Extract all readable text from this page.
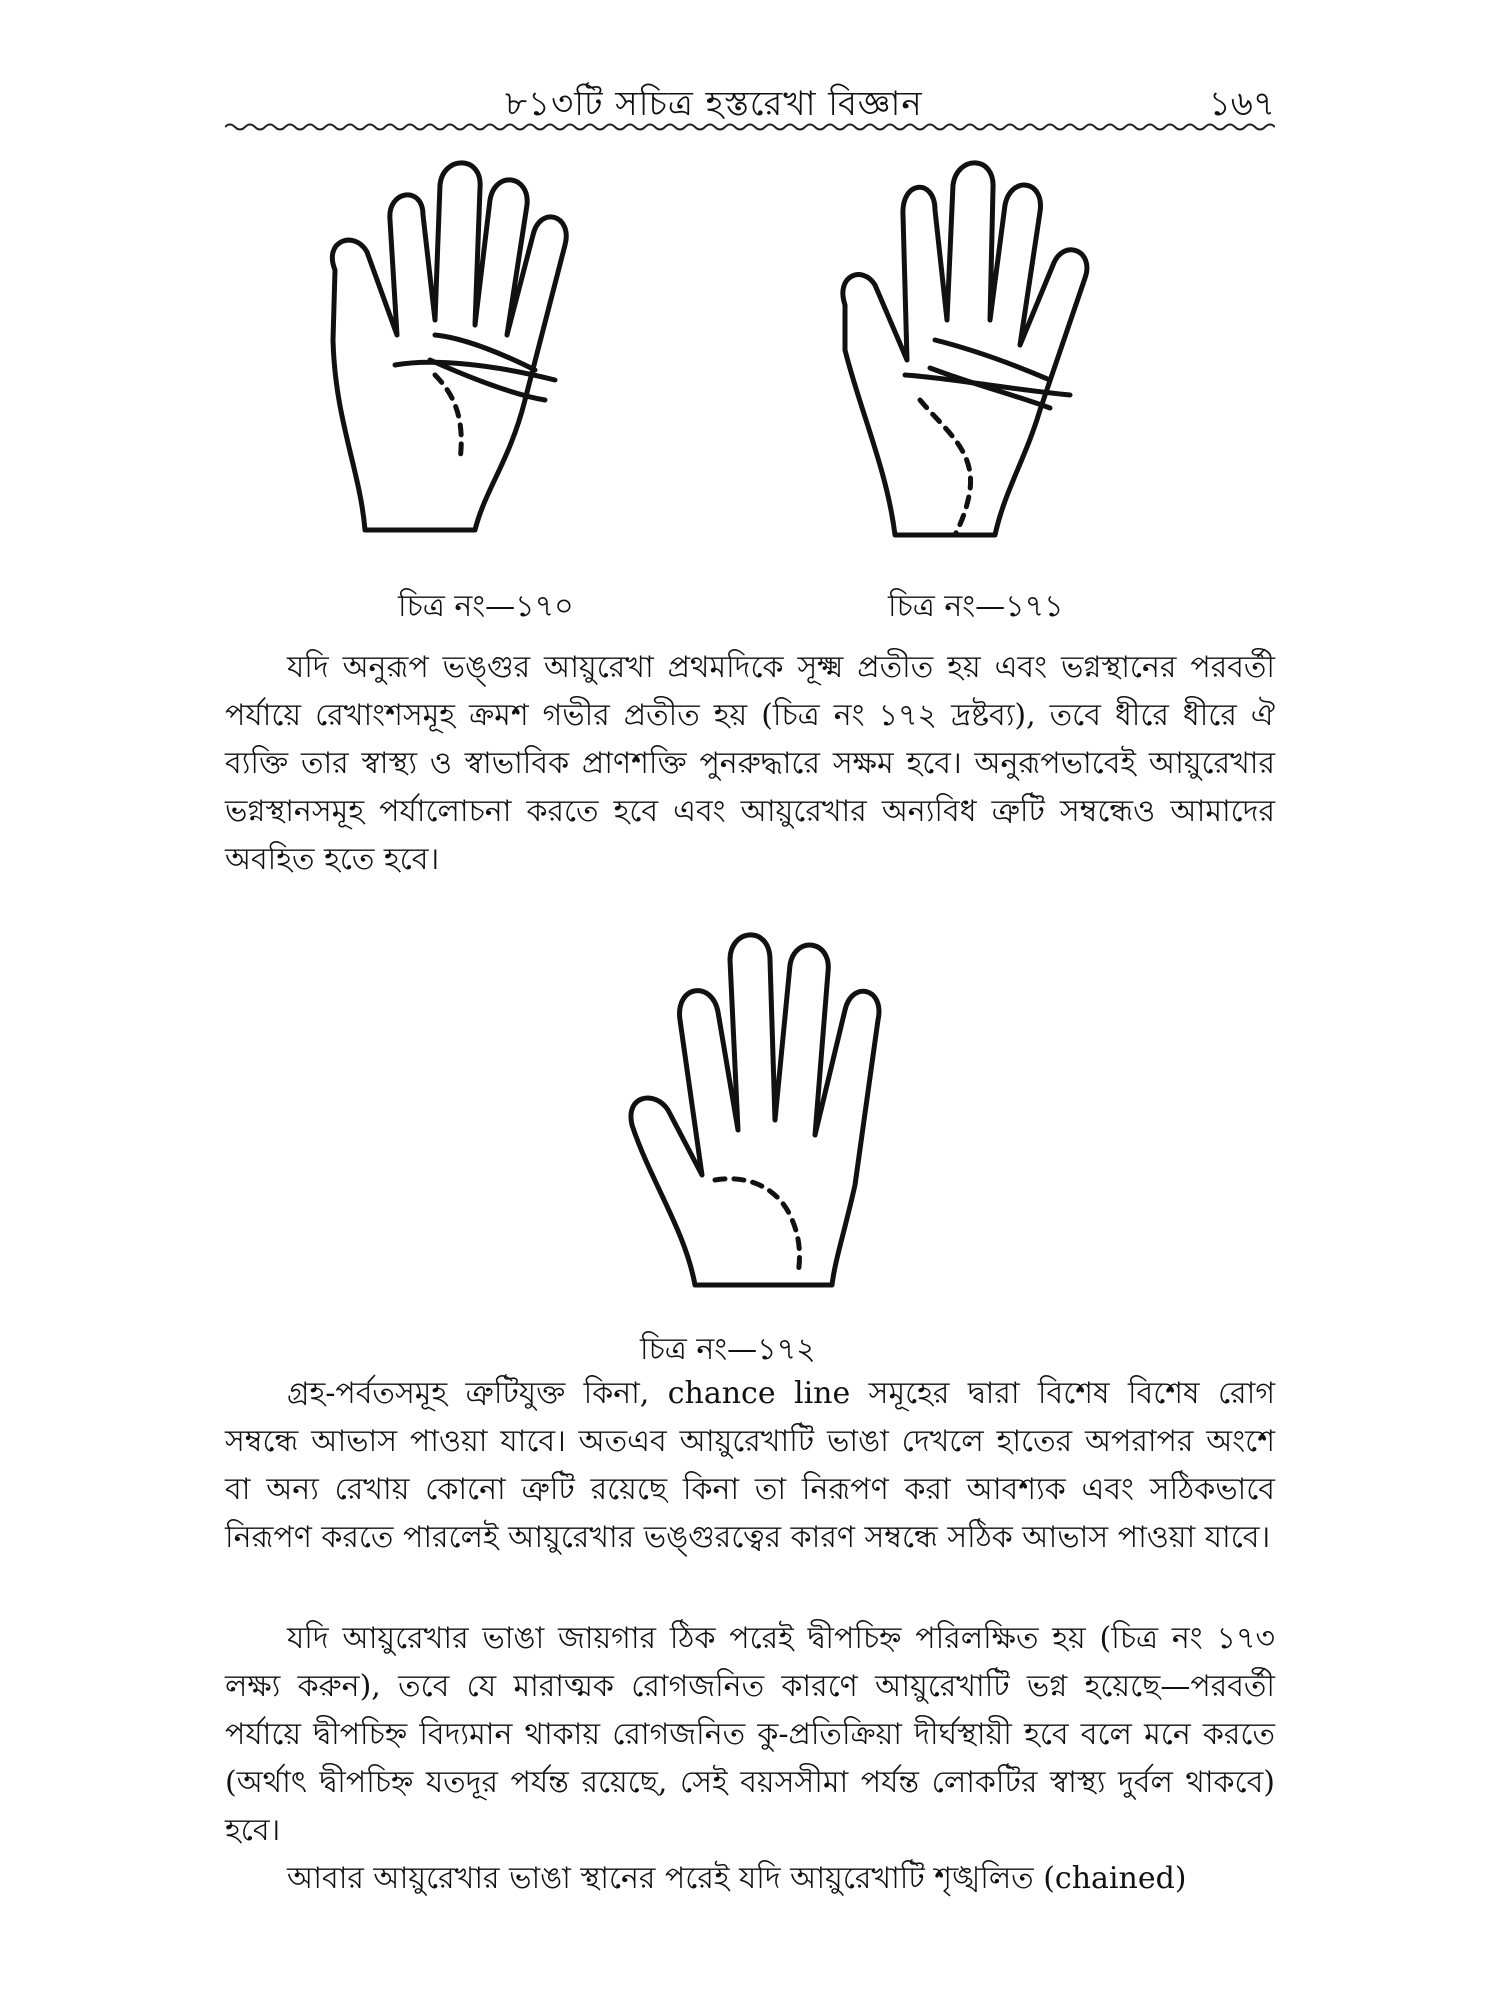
৮১৩টি সচিত্র হস্তরেখা বিজ্ঞান	১৬৭
চিত্র নং—১৭০	চিত্র নং—১৭১
যদি অনুরূপ ভঙ্গুর আয়ুরেখা প্রথমদিকে সূক্ষ্ম প্রতীত হয় এবং ভগ্নস্থানের পরবর্তী পর্যায়ে রেখাংশসমূহ ক্রমশ গভীর প্রতীত হয় (চিত্র নং ১৭২ দ্রষ্টব্য), তবে ধীরে ধীরে ঐ ব্যক্তি তার স্বাস্থ্য ও স্বাভাবিক প্রাণশক্তি পুনরুদ্ধারে সক্ষম হবে। অনুরূপভাবেই আয়ুরেখার ভগ্নস্থানসমূহ পর্যালোচনা করতে হবে এবং আয়ুরেখার অন্যবিধ ত্রুটি সম্বন্ধেও আমাদের অবহিত হতে হবে।
চিত্র নং—১৭২
গ্রহ-পর্বতসমূহ ত্রুটিযুক্ত কিনা, chance line সমূহের দ্বারা বিশেষ বিশেষ রোগ সম্বন্ধে আভাস পাওয়া যাবে। অতএব আয়ুরেখাটি ভাঙা দেখলে হাতের অপরাপর অংশে বা অন্য রেখায় কোনো ত্রুটি রয়েছে কিনা তা নিরূপণ করা আবশ্যক এবং সঠিকভাবে নিরূপণ করতে পারলেই আয়ুরেখার ভঙ্গুরত্বের কারণ সম্বন্ধে সঠিক আভাস পাওয়া যাবে।
যদি আয়ুরেখার ভাঙা জায়গার ঠিক পরেই দ্বীপচিহ্ন পরিলক্ষিত হয় (চিত্র নং ১৭৩ লক্ষ্য করুন), তবে যে মারাত্মক রোগজনিত কারণে আয়ুরেখাটি ভগ্ন হয়েছে—পরবর্তী পর্যায়ে দ্বীপচিহ্ন বিদ্যমান থাকায় রোগজনিত কু-প্রতিক্রিয়া দীর্ঘস্থায়ী হবে বলে মনে করতে (অর্থাৎ দ্বীপচিহ্ন যতদূর পর্যন্ত রয়েছে, সেই বয়সসীমা পর্যন্ত লোকটির স্বাস্থ্য দুর্বল থাকবে) হবে।
আবার আয়ুরেখার ভাঙা স্থানের পরেই যদি আয়ুরেখাটি শৃঙ্খলিত (chained)
